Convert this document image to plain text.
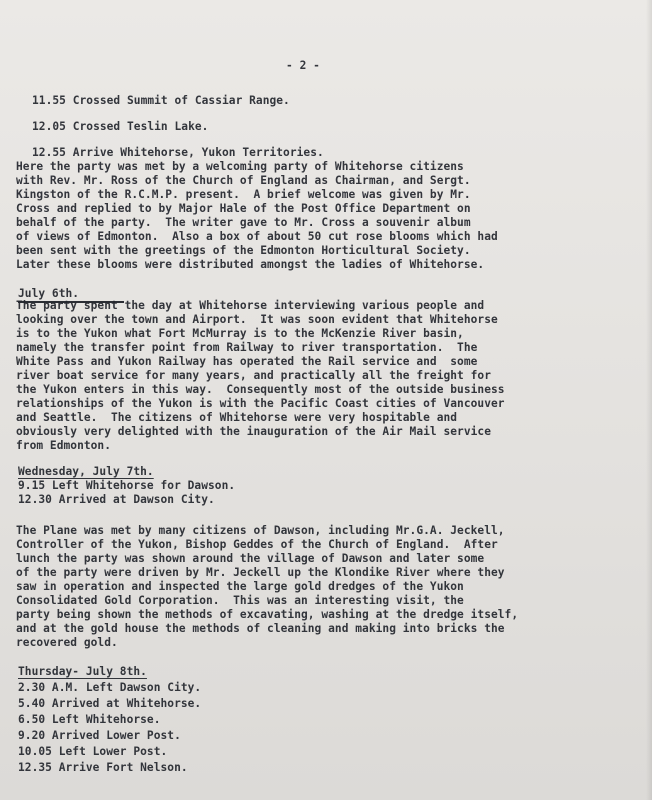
- 2 -
11.55 Crossed Summit of Cassiar Range.
12.05 Crossed Teslin Lake.
12.55 Arrive Whitehorse, Yukon Territories.
Here the party was met by a welcoming party of Whitehorse citizens
with Rev. Mr. Ross of the Church of England as Chairman, and Sergt.
Kingston of the R.C.M.P. present.  A brief welcome was given by Mr.
Cross and replied to by Major Hale of the Post Office Department on
behalf of the party.  The writer gave to Mr. Cross a souvenir album
of views of Edmonton.  Also a box of about 50 cut rose blooms which had
been sent with the greetings of the Edmonton Horticultural Society.
Later these blooms were distributed amongst the ladies of Whitehorse.
July 6th.
The party spent the day at Whitehorse interviewing various people and
looking over the town and Airport.  It was soon evident that Whitehorse
is to the Yukon what Fort McMurray is to the McKenzie River basin,
namely the transfer point from Railway to river transportation.  The
White Pass and Yukon Railway has operated the Rail service and  some
river boat service for many years, and practically all the freight for
the Yukon enters in this way.  Consequently most of the outside business
relationships of the Yukon is with the Pacific Coast cities of Vancouver
and Seattle.  The citizens of Whitehorse were very hospitable and
obviously very delighted with the inauguration of the Air Mail service
from Edmonton.
Wednesday, July 7th.
9.15 Left Whitehorse for Dawson.
12.30 Arrived at Dawson City.
The Plane was met by many citizens of Dawson, including Mr.G.A. Jeckell,
Controller of the Yukon, Bishop Geddes of the Church of England.  After
lunch the party was shown around the village of Dawson and later some
of the party were driven by Mr. Jeckell up the Klondike River where they
saw in operation and inspected the large gold dredges of the Yukon
Consolidated Gold Corporation.  This was an interesting visit, the
party being shown the methods of excavating, washing at the dredge itself,
and at the gold house the methods of cleaning and making into bricks the
recovered gold.
Thursday- July 8th.
2.30 A.M. Left Dawson City.
5.40 Arrived at Whitehorse.
6.50 Left Whitehorse.
9.20 Arrived Lower Post.
10.05 Left Lower Post.
12.35 Arrive Fort Nelson.
